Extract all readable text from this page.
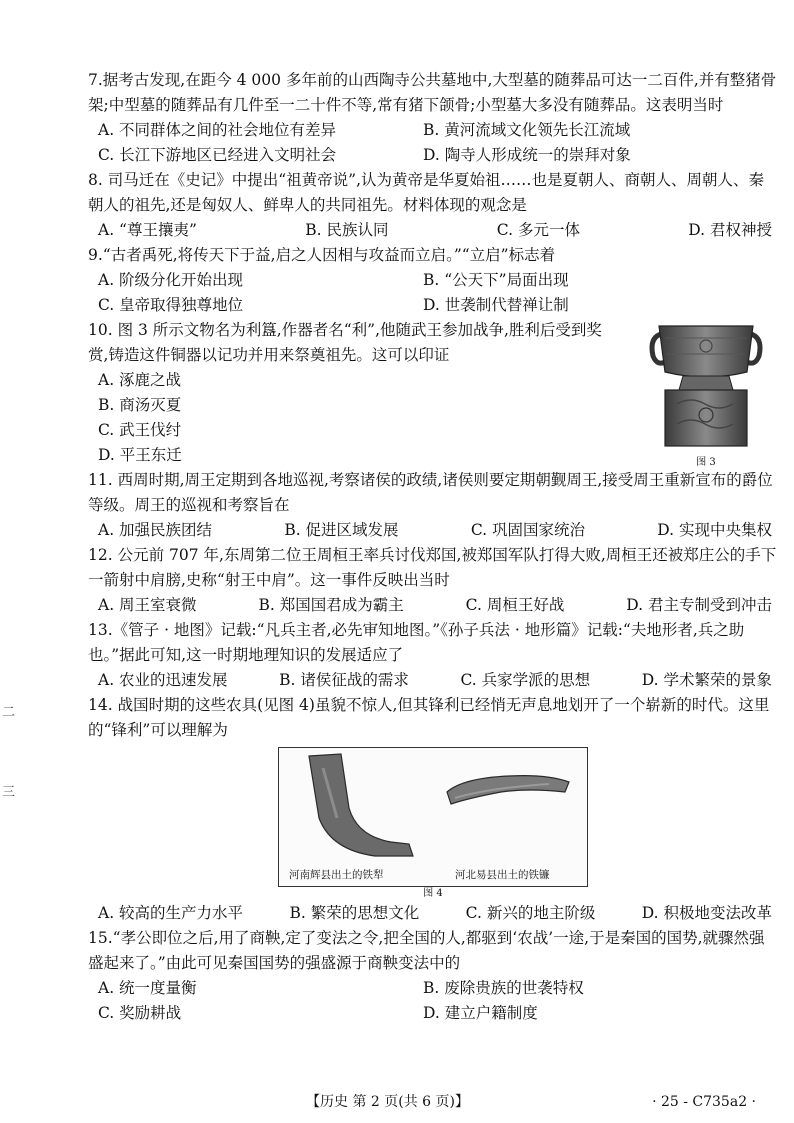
二
三

7.据考古发现,在距今 4 000 多年前的山西陶寺公共墓地中,大型墓的随葬品可达一二百件,并有整猪骨架;中型墓的随葬品有几件至一二十件不等,常有猪下颌骨;小型墓大多没有随葬品。这表明当时

A. 不同群体之间的社会地位有差异	B. 黄河流域文化领先长江流域
C. 长江下游地区已经进入文明社会	D. 陶寺人形成统一的崇拜对象

8. 司马迁在《史记》中提出“祖黄帝说”,认为黄帝是华夏始祖……也是夏朝人、商朝人、周朝人、秦朝人的祖先,还是匈奴人、鲜卑人的共同祖先。材料体现的观念是

A. “尊王攘夷”	B. 民族认同	C. 多元一体	D. 君权神授

9.“古者禹死,将传天下于益,启之人因相与攻益而立启。”“立启”标志着

A. 阶级分化开始出现	B. “公天下”局面出现
C. 皇帝取得独尊地位	D. 世袭制代替禅让制

10. 图 3 所示文物名为利簋,作器者名“利”,他随武王参加战争,胜利后受到奖赏,铸造这件铜器以记功并用来祭奠祖先。这可以印证

A. 涿鹿之战
B. 商汤灭夏
C. 武王伐纣
D. 平王东迁	图 3

11. 西周时期,周王定期到各地巡视,考察诸侯的政绩,诸侯则要定期朝觐周王,接受周王重新宣布的爵位等级。周王的巡视和考察旨在

A. 加强民族团结	B. 促进区域发展	C. 巩固国家统治	D. 实现中央集权

12. 公元前 707 年,东周第二位王周桓王率兵讨伐郑国,被郑国军队打得大败,周桓王还被郑庄公的手下一箭射中肩膀,史称“射王中肩”。这一事件反映出当时

A. 周王室衰微	B. 郑国国君成为霸主	C. 周桓王好战	D. 君主专制受到冲击

13.《管子 · 地图》记载:“凡兵主者,必先审知地图。”《孙子兵法 · 地形篇》记载:“夫地形者,兵之助也。”据此可知,这一时期地理知识的发展适应了

A. 农业的迅速发展	B. 诸侯征战的需求	C. 兵家学派的思想	D. 学术繁荣的景象

14. 战国时期的这些农具(见图 4)虽貌不惊人,但其锋利已经悄无声息地划开了一个崭新的时代。这里的“锋利”可以理解为

河南辉县出土的铁犁	河北易县出土的铁镰
图 4
A. 较高的生产力水平	B. 繁荣的思想文化	C. 新兴的地主阶级	D. 积极地变法改革

15.“孝公即位之后,用了商鞅,定了变法之令,把全国的人,都驱到‘农战’一途,于是秦国的国势,就骤然强盛起来了。”由此可见秦国国势的强盛源于商鞅变法中的

A. 统一度量衡	B. 废除贵族的世袭特权
C. 奖励耕战	D. 建立户籍制度
【历史 第 2 页(共 6 页)】	· 25 - C735a2 ·
